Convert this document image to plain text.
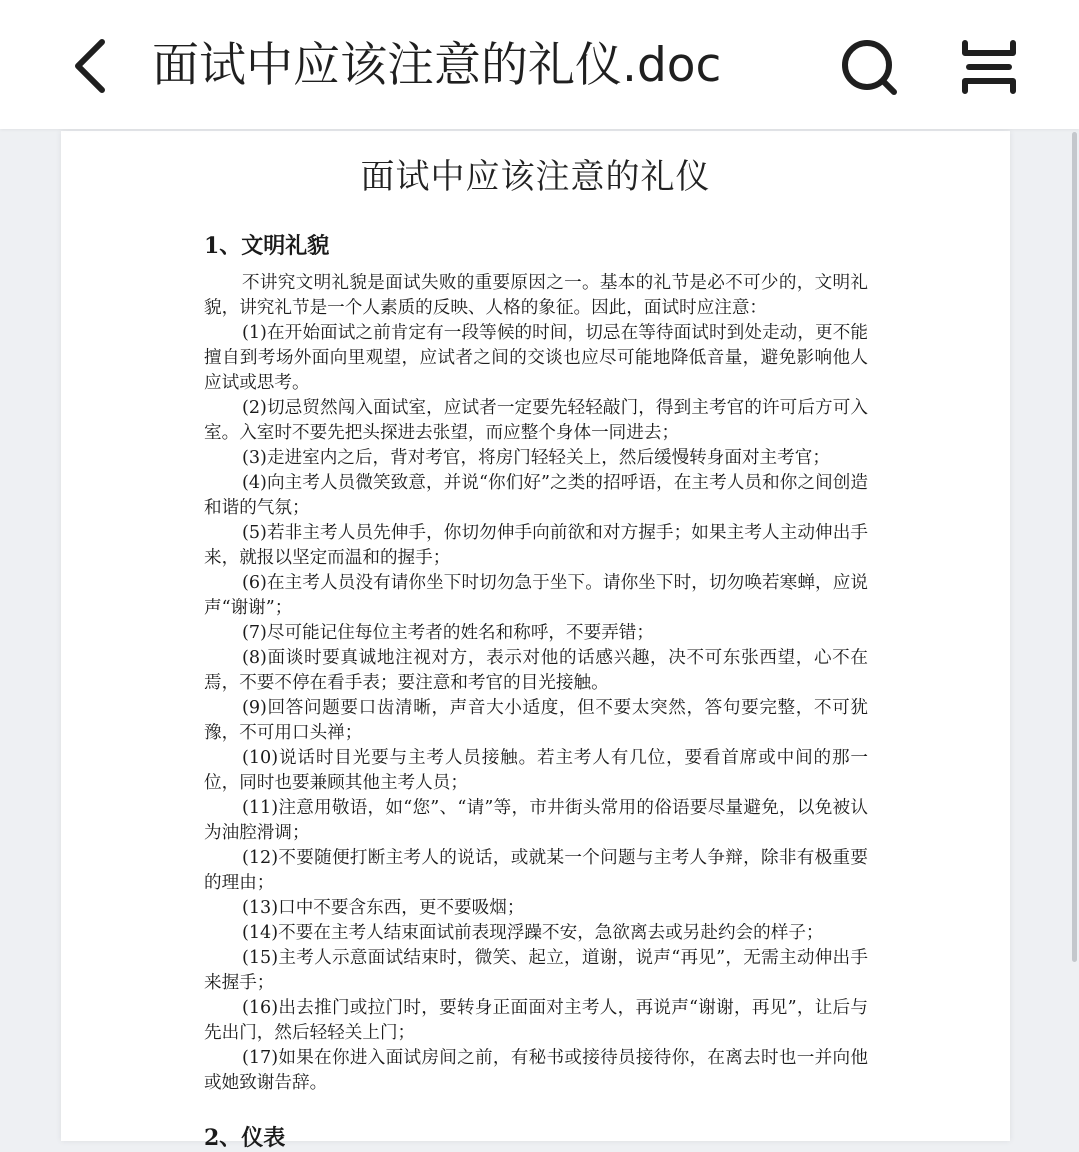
面试中应该注意的礼仪.doc
面试中应该注意的礼仪
1、文明礼貌

不讲究文明礼貌是面试失败的重要原因之一。基本的礼节是必不可少的，文明礼貌，讲究礼节是一个人素质的反映、人格的象征。因此，面试时应注意：

(1)在开始面试之前肯定有一段等候的时间，切忌在等待面试时到处走动，更不能擅自到考场外面向里观望，应试者之间的交谈也应尽可能地降低音量，避免影响他人应试或思考。

(2)切忌贸然闯入面试室，应试者一定要先轻轻敲门，得到主考官的许可后方可入室。入室时不要先把头探进去张望，而应整个身体一同进去；

(3)走进室内之后，背对考官，将房门轻轻关上，然后缓慢转身面对主考官；

(4)向主考人员微笑致意，并说“你们好”之类的招呼语，在主考人员和你之间创造和谐的气氛；

(5)若非主考人员先伸手，你切勿伸手向前欲和对方握手；如果主考人主动伸出手来，就报以坚定而温和的握手；

(6)在主考人员没有请你坐下时切勿急于坐下。请你坐下时，切勿唤若寒蝉，应说声“谢谢”；

(7)尽可能记住每位主考者的姓名和称呼，不要弄错；

(8)面谈时要真诚地注视对方，表示对他的话感兴趣，决不可东张西望，心不在焉，不要不停在看手表；要注意和考官的目光接触。

(9)回答问题要口齿清晰，声音大小适度，但不要太突然，答句要完整，不可犹豫，不可用口头禅；

(10)说话时目光要与主考人员接触。若主考人有几位，要看首席或中间的那一位，同时也要兼顾其他主考人员；

(11)注意用敬语，如“您”、“请”等，市井街头常用的俗语要尽量避免，以免被认为油腔滑调；

(12)不要随便打断主考人的说话，或就某一个问题与主考人争辩，除非有极重要的理由；

(13)口中不要含东西，更不要吸烟；

(14)不要在主考人结束面试前表现浮躁不安，急欲离去或另赴约会的样子；

(15)主考人示意面试结束时，微笑、起立，道谢，说声“再见”，无需主动伸出手来握手；

(16)出去推门或拉门时，要转身正面面对主考人，再说声“谢谢，再见”，让后与先出门，然后轻轻关上门；

(17)如果在你进入面试房间之前，有秘书或接待员接待你，在离去时也一并向他或她致谢告辞。

2、仪表
